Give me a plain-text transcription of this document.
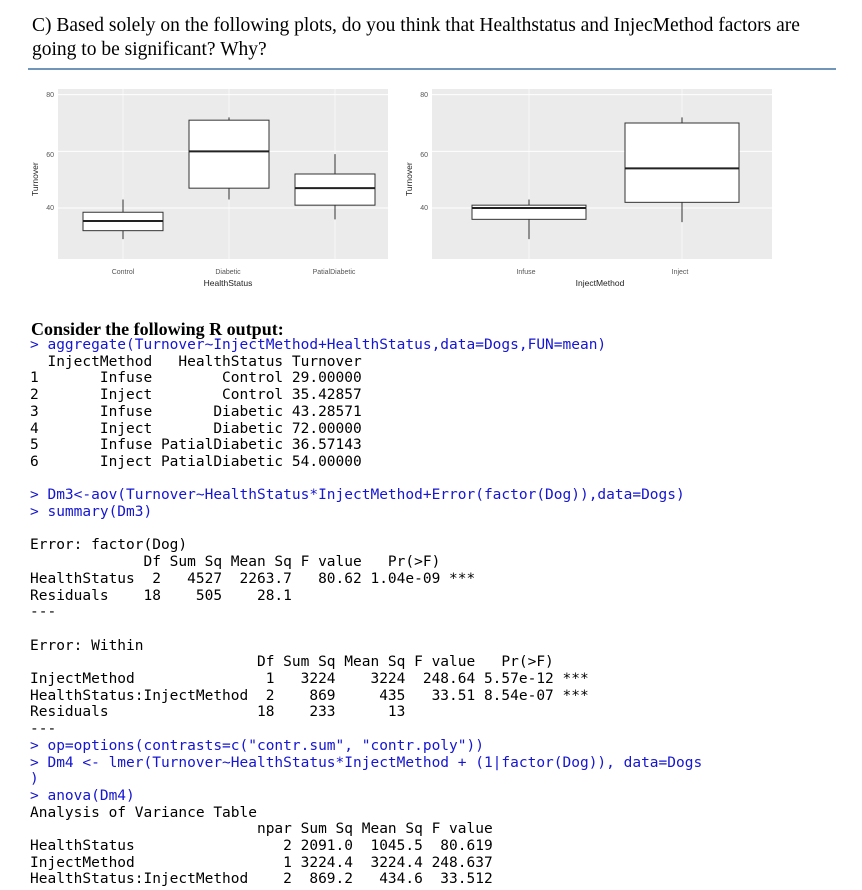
C) Based solely on the following plots, do you think that Healthstatus and InjecMethod factors are going to be significant? Why?
Turnover
40
60
80
Control	Diabetic	PatialDiabetic
HealthStatus
Turnover
40
60
80
Infuse	Inject
InjectMethod
Consider the following R output:
> aggregate(Turnover~InjectMethod+HealthStatus,data=Dogs,FUN=mean)
InjectMethod   HealthStatus Turnover
1       Infuse        Control 29.00000
2       Inject        Control 35.42857
3       Infuse       Diabetic 43.28571
4       Inject       Diabetic 72.00000
5       Infuse PatialDiabetic 36.57143
6       Inject PatialDiabetic 54.00000
> Dm3<-aov(Turnover~HealthStatus*InjectMethod+Error(factor(Dog)),data=Dogs)
> summary(Dm3)
Error: factor(Dog)
Df Sum Sq Mean Sq F value   Pr(>F)
HealthStatus  2   4527  2263.7   80.62 1.04e-09 ***
Residuals    18    505    28.1
---
Error: Within
Df Sum Sq Mean Sq F value   Pr(>F)
InjectMethod               1   3224    3224  248.64 5.57e-12 ***
HealthStatus:InjectMethod  2    869     435   33.51 8.54e-07 ***
Residuals                 18    233      13
---
> op=options(contrasts=c("contr.sum", "contr.poly"))
> Dm4 <- lmer(Turnover~HealthStatus*InjectMethod + (1|factor(Dog)), data=Dogs
)
> anova(Dm4)
Analysis of Variance Table
npar Sum Sq Mean Sq F value
HealthStatus                 2 2091.0  1045.5  80.619
InjectMethod                 1 3224.4  3224.4 248.637
HealthStatus:InjectMethod    2  869.2   434.6  33.512
